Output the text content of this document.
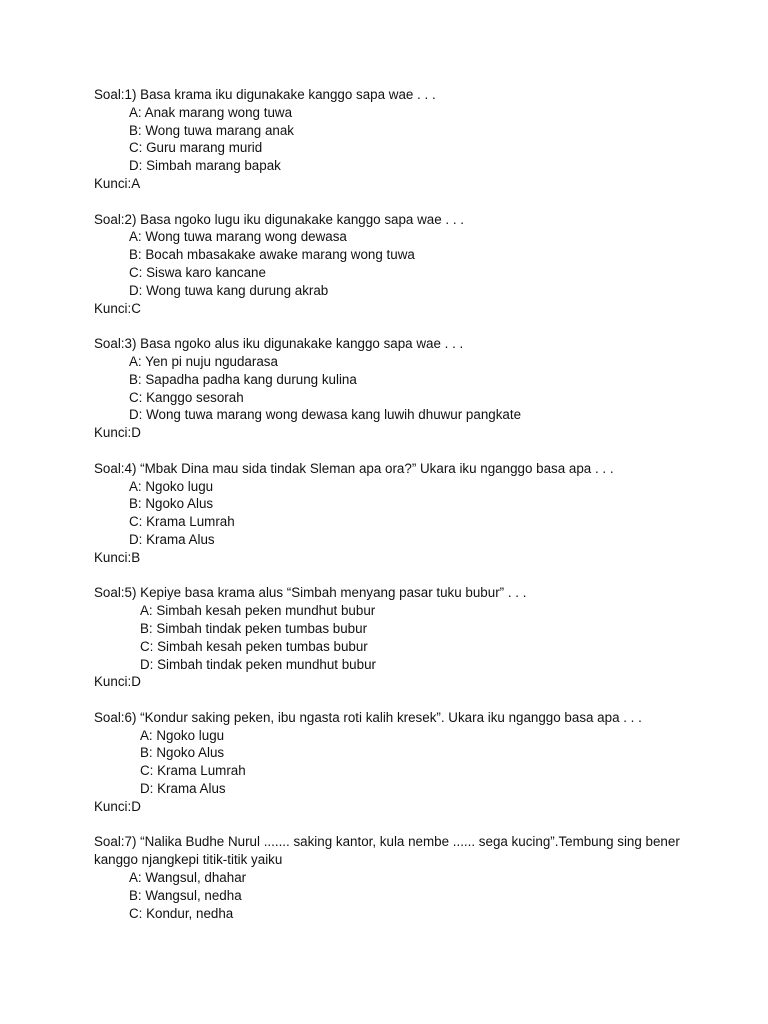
Soal:1) Basa krama iku digunakake kanggo sapa wae . . .
A: Anak marang wong tuwa
B: Wong tuwa marang anak
C: Guru marang murid
D: Simbah marang bapak
Kunci:A
Soal:2) Basa ngoko lugu iku digunakake kanggo sapa wae . . .
A: Wong tuwa marang wong dewasa
B: Bocah mbasakake awake marang wong tuwa
C: Siswa karo kancane
D: Wong tuwa kang durung akrab
Kunci:C
Soal:3) Basa ngoko alus iku digunakake kanggo sapa wae . . .
A: Yen pi nuju ngudarasa
B: Sapadha padha kang durung kulina
C: Kanggo sesorah
D: Wong tuwa marang wong dewasa kang luwih dhuwur pangkate
Kunci:D
Soal:4) “Mbak Dina mau sida tindak Sleman apa ora?” Ukara iku nganggo basa apa . . .
A: Ngoko lugu
B: Ngoko Alus
C: Krama Lumrah
D: Krama Alus
Kunci:B
Soal:5) Kepiye basa krama alus “Simbah menyang pasar tuku bubur” . . .
A: Simbah kesah peken mundhut bubur
B: Simbah tindak peken tumbas bubur
C: Simbah kesah peken tumbas bubur
D: Simbah tindak peken mundhut bubur
Kunci:D
Soal:6) “Kondur saking peken, ibu ngasta roti kalih kresek”. Ukara iku nganggo basa apa . . .
A: Ngoko lugu
B: Ngoko Alus
C: Krama Lumrah
D: Krama Alus
Kunci:D
Soal:7) “Nalika Budhe Nurul ....... saking kantor, kula nembe ...... sega kucing”.Tembung sing bener kanggo njangkepi titik-titik yaiku
A: Wangsul, dhahar
B: Wangsul, nedha
C: Kondur, nedha
